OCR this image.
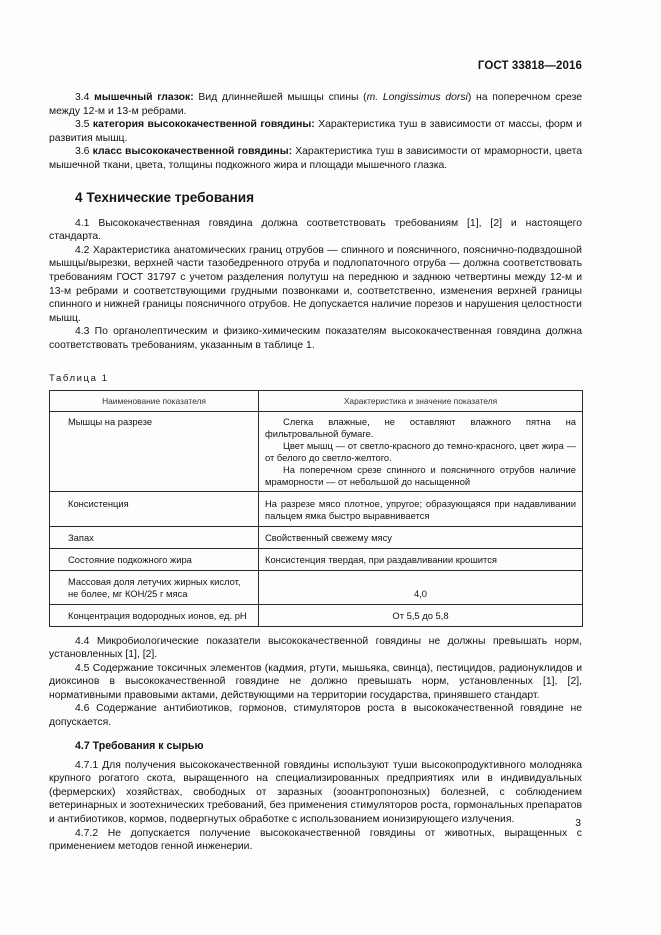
ГОСТ 33818—2016

3.4 мышечный глазок: Вид длиннейшей мышцы спины (m. Longissimus dorsi) на поперечном срезе между 12-м и 13-м ребрами.

3.5 категория высококачественной говядины: Характеристика туш в зависимости от массы, форм и развития мышц.

3.6 класс высококачественной говядины: Характеристика туш в зависимости от мраморности, цвета мышечной ткани, цвета, толщины подкожного жира и площади мышечного глазка.

4 Технические требования

4.1 Высококачественная говядина должна соответствовать требованиям [1], [2] и настоящего стандарта.

4.2 Характеристика анатомических границ отрубов — спинного и поясничного, пояснично-подвздошной мышцы/вырезки, верхней части тазобедренного отруба и подлопаточного отруба — должна соответствовать требованиям ГОСТ 31797 с учетом разделения полутуш на переднюю и заднюю четвертины между 12-м и 13-м ребрами и соответствующими грудными позвонками и, соответственно, изменения верхней границы спинного и нижней границы поясничного отрубов. Не допускается наличие порезов и нарушения целостности мышц.

4.3 По органолептическим и физико-химическим показателям высококачественная говядина должна соответствовать требованиям, указанным в таблице 1.

Таблица 1
Наименование показателя	Характеристика и значение показателя

Мышцы на разрезе	Слегка влажные, не оставляют влажного пятна на фильтровальной бумаге.
Цвет мышц — от светло-красного до темно-красного, цвет жира — от белого до светло-желтого.
На поперечном срезе спинного и поясничного отрубов наличие мраморности — от небольшой до насыщенной

Консистенция	На разрезе мясо плотное, упругое; образующаяся при надавливании пальцем ямка быстро выравнивается

Запах	Свойственный свежему мясу

Состояние подкожного жира	Консистенция твердая, при раздавливании крошится

Массовая доля летучих жирных кислот, не более, мг КОН/25 г мяса	4,0

Концентрация водородных ионов, ед. pH	От 5,5 до 5,8

4.4 Микробиологические показатели высококачественной говядины не должны превышать норм, установленных [1], [2].

4.5 Содержание токсичных элементов (кадмия, ртути, мышьяка, свинца), пестицидов, радионуклидов и диоксинов в высококачественной говядине не должно превышать норм, установленных [1], [2], нормативными правовыми актами, действующими на территории государства, принявшего стандарт.

4.6 Содержание антибиотиков, гормонов, стимуляторов роста в высококачественной говядине не допускается.

4.7 Требования к сырью

4.7.1 Для получения высококачественной говядины используют туши высокопродуктивного молодняка крупного рогатого скота, выращенного на специализированных предприятиях или в индивидуальных (фермерских) хозяйствах, свободных от заразных (зооантропонозных) болезней, с соблюдением ветеринарных и зоотехнических требований, без применения стимуляторов роста, гормональных препаратов и антибиотиков, кормов, подвергнутых обработке с использованием ионизирующего излучения.

4.7.2 Не допускается получение высококачественной говядины от животных, выращенных с применением методов генной инженерии.

3
